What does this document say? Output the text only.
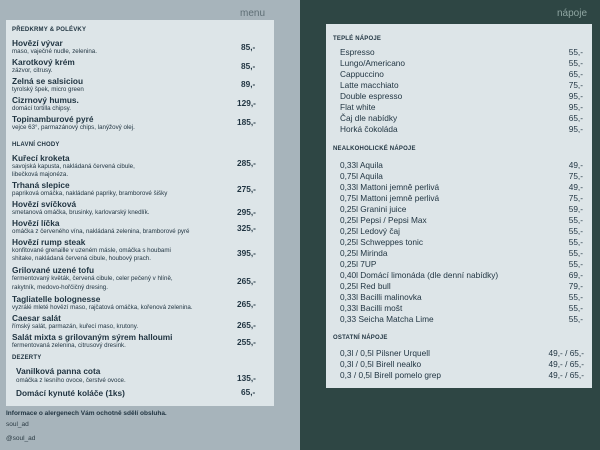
menu	nápoje
PŘEDKRMY & POLÉVKY
Hovězí vývar
maso, vaječné nudle, zelenina.	85,-
Karotkový krém
zázvor, citrusy.	85,-
Zelná se salsiciou
tyrolský špek, micro green
89,-
Cizrnový humus.
domácí tortilla chipsy.
129,-
Topinamburové pyré
vejce 63°, parmazánový chips, lanýžový olej.
185,-
HLAVNÍ CHODY
Kuřecí kroketa
savojská kapusta, nakládaná červená cibule,
libečková majonéza.
285,-
Trhaná slepice
papriková omáčka, nakládané papriky, bramborové šišky	275,-
Hovězí svíčková
smetanová omáčka, brusinky, karlovarský knedlík.	295,-
Hovězí líčka
omáčka z červeného vína, nakládaná zelenina, bramborové pyré	325,-
Hovězí rump steak
konfitované grenaille v uzeném másle, omáčka s houbami
shitake, nakládaná červená cibule, houbový prach.
395,-
Grilované uzené tofu
fermentovaný květák, červená cibule, celer pečený v hlíně,
rakytník, medovo-hořčičný dresing.
265,-
Tagliatelle bolognesse
vyzrálé mleté hovězí maso, rajčatová omáčka, kořenová zelenina.	265,-
Caesar salát
římský salát, parmazán, kuřecí maso, krutony.	265,-
Salát mixta s grilovaným sýrem halloumi
fermentovaná zelenina, citrusový dresink.	255,-
DEZERTY
Vanilková panna cota
omáčka z lesního ovoce, čerstvé ovoce.	135,-
Domácí kynuté koláče (1ks)	65,-
Informace o alergenech Vám ochotně sdělí obsluha.
soul_ad
@soul_ad
TEPLÉ NÁPOJE
Espresso	55,-
Lungo/Americano	55,-
Cappuccino	65,-
Latte macchiato	75,-
Double espresso	95,-
Flat white	95,-
Čaj dle nabídky	65,-
Horká čokoláda	95,-
NEALKOHOLICKÉ NÁPOJE
0,33l Aquila	49,-
0,75l Aquila	75,-
0,33l Mattoni jemně perlivá	49,-
0,75l Mattoni jemně perlivá	75,-
0,25l Granini juice	59,-
0,25l Pepsi / Pepsi Max	55,-
0,25l Ledový čaj	55,-
0,25l Schweppes tonic	55,-
0,25l Mirinda	55,-
0,25l 7UP	55,-
0,40l Domácí limonáda (dle denní nabídky)	69,-
0,25l Red bull	79,-
0,33l Bacilli malinovka	55,-
0,33l Bacilli mošt	55,-
0,33 Seicha Matcha Lime	55,-
OSTATNÍ NÁPOJE
0,3l / 0,5l Pilsner Urquell	49,- / 65,-
0,3l / 0,5l Birell nealko	49,- / 65,-
0,3 / 0,5l Birell pomelo grep	49,- / 65,-
